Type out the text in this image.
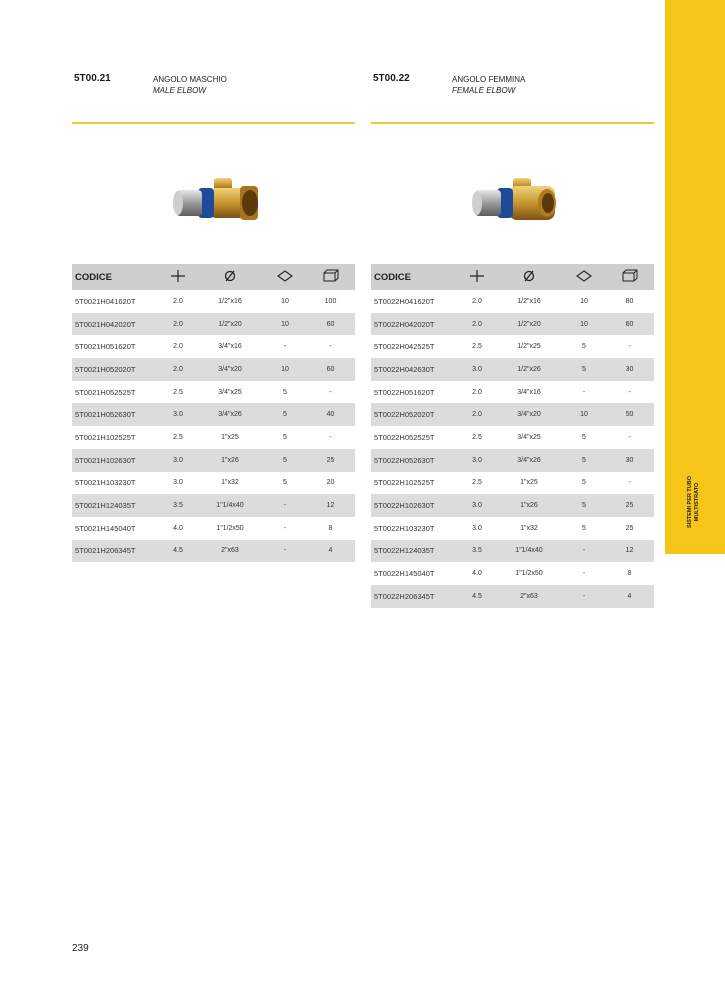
SISTEMI PER TUBO MULTISTRATO
5T00.21	ANGOLO MASCHIO
MALE ELBOW
CODICE				
5T0021H041620T	2.0	1/2"x16	10	100
5T0021H042020T	2.0	1/2"x20	10	60
5T0021H051620T	2.0	3/4"x16	-	-
5T0021H052020T	2.0	3/4"x20	10	60
5T0021H052525T	2.5	3/4"x25	5	-
5T0021H052630T	3.0	3/4"x26	5	40
5T0021H102525T	2.5	1"x25	5	-
5T0021H102630T	3.0	1"x26	5	25
5T0021H103230T	3.0	1"x32	5	20
5T0021H124035T	3.5	1"1/4x40	-	12
5T0021H145040T	4.0	1"1/2x50	-	8
5T0021H206345T	4.5	2"x63	-	4
5T00.22	ANGOLO FEMMINA
FEMALE ELBOW
CODICE				
5T0022H041620T	2.0	1/2"x16	10	80
5T0022H042020T	2.0	1/2"x20	10	60
5T0022H042525T	2.5	1/2"x25	5	-
5T0022H042630T	3.0	1/2"x26	5	30
5T0022H051620T	2.0	3/4"x16	-	-
5T0022H052020T	2.0	3/4"x20	10	50
5T0022H052525T	2.5	3/4"x25	5	-
5T0022H052630T	3.0	3/4"x26	5	30
5T0022H102525T	2.5	1"x25	5	-
5T0022H102630T	3.0	1"x26	5	25
5T0022H103230T	3.0	1"x32	5	25
5T0022H124035T	3.5	1"1/4x40	-	12
5T0022H145040T	4.0	1"1/2x50	-	8
5T0022H206345T	4.5	2"x63	-	4
239
